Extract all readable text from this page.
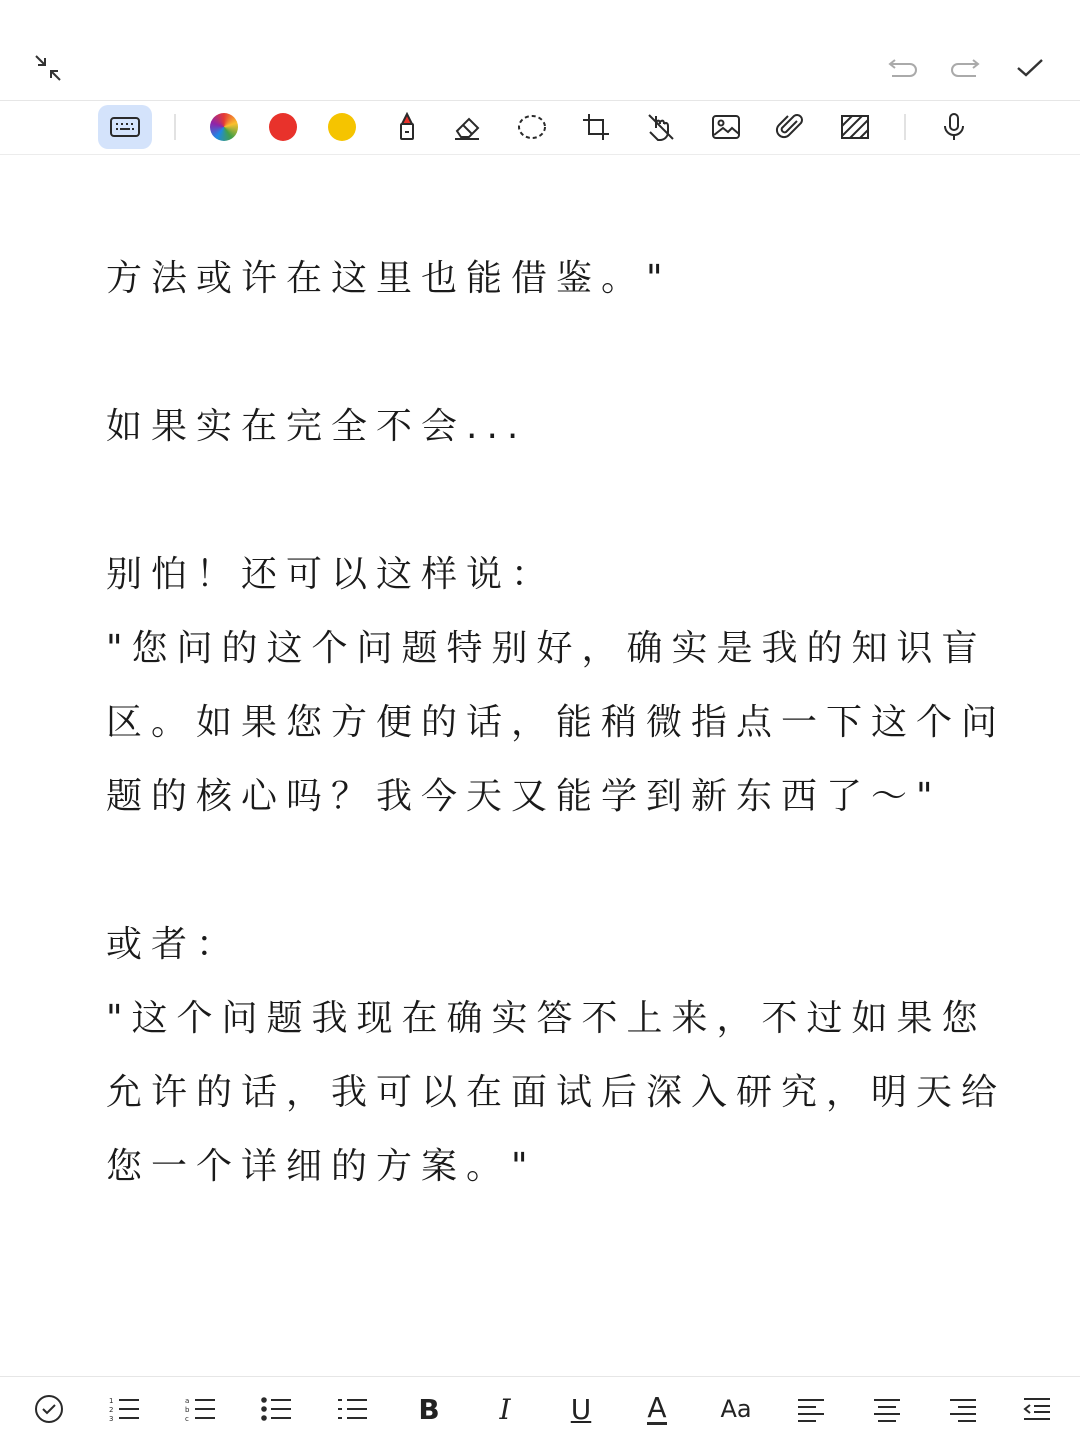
方法或许在这里也能借鉴。"

如果实在完全不会...

别怕！还可以这样说：

"您问的这个问题特别好，确实是我的知识盲区。如果您方便的话，能稍微指点一下这个问题的核心吗？我今天又能学到新东西了～"

或者：

"这个问题我现在确实答不上来，不过如果您允许的话，我可以在面试后深入研究，明天给您一个详细的方案。"

1
2
3
a
b
c	B I U A Aa
